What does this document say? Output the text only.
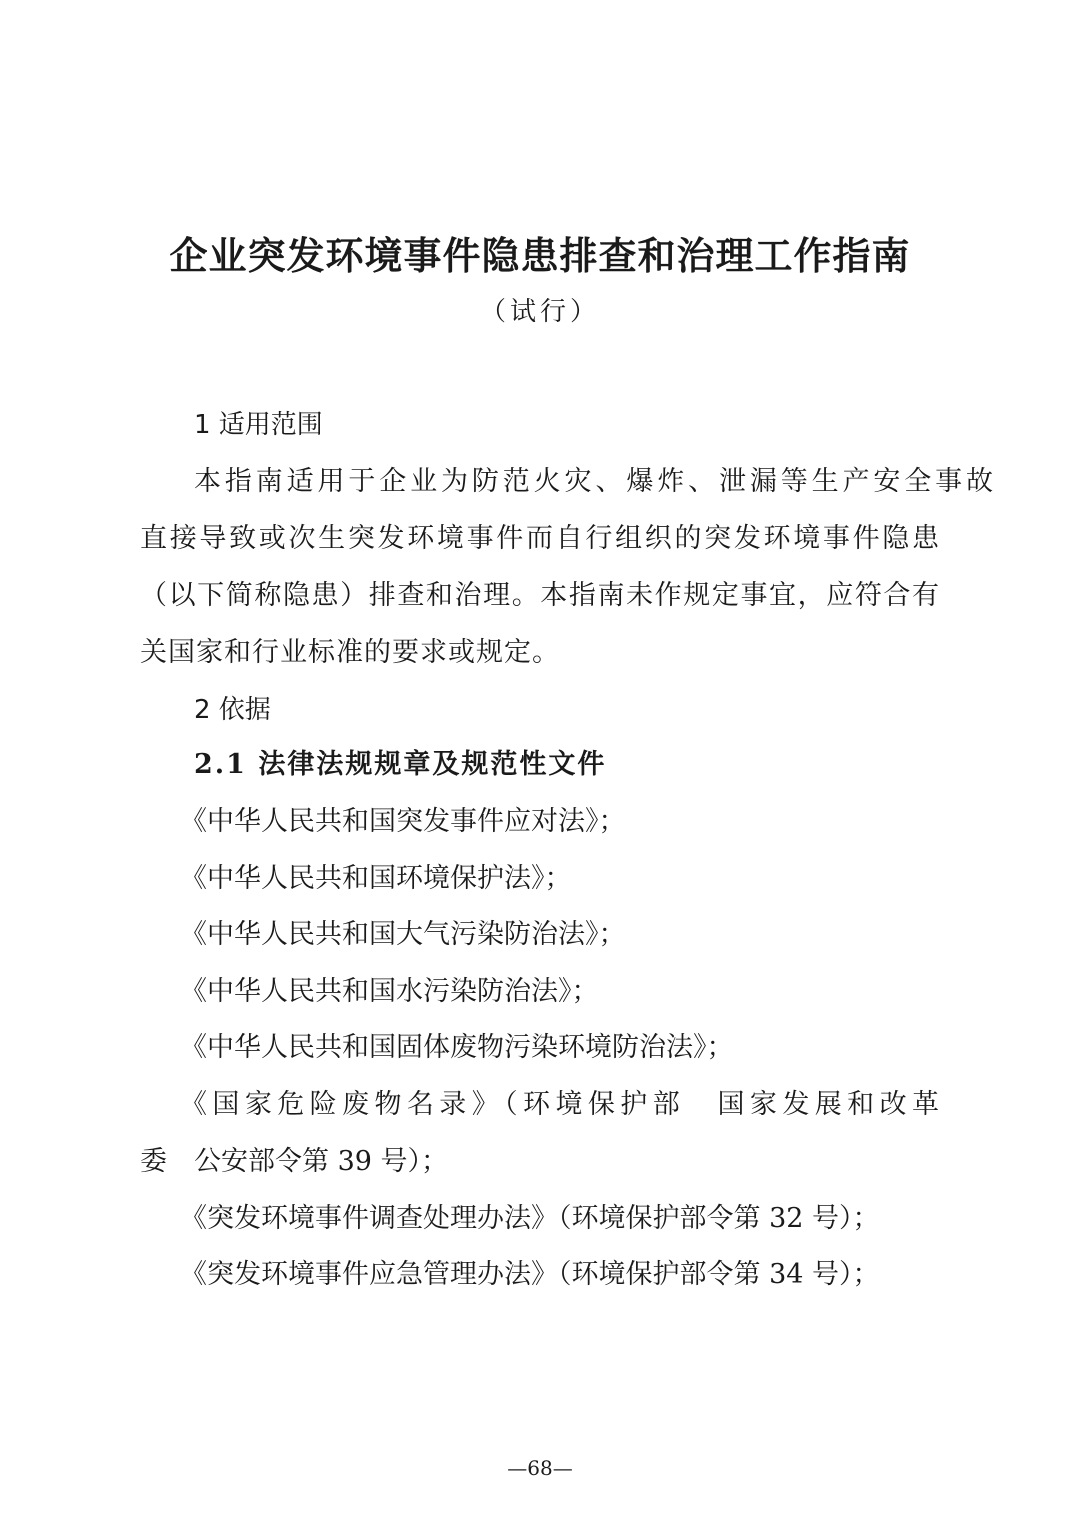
企业突发环境事件隐患排查和治理工作指南
（试行）
1 适用范围
本指南适用于企业为防范火灾、爆炸、泄漏等生产安全事故
直接导致或次生突发环境事件而自行组织的突发环境事件隐患
（以下简称隐患）排查和治理。本指南未作规定事宜，应符合有
关国家和行业标准的要求或规定。
2 依据
2.1 法律法规规章及规范性文件
《中华人民共和国突发事件应对法》；
《中华人民共和国环境保护法》；
《中华人民共和国大气污染防治法》；
《中华人民共和国水污染防治法》；
《中华人民共和国固体废物污染环境防治法》；
《国家危险废物名录》（环境保护部　国家发展和改革
委　公安部令第 39 号）；
《突发环境事件调查处理办法》（环境保护部令第 32 号）；
《突发环境事件应急管理办法》（环境保护部令第 34 号）；
—68—
